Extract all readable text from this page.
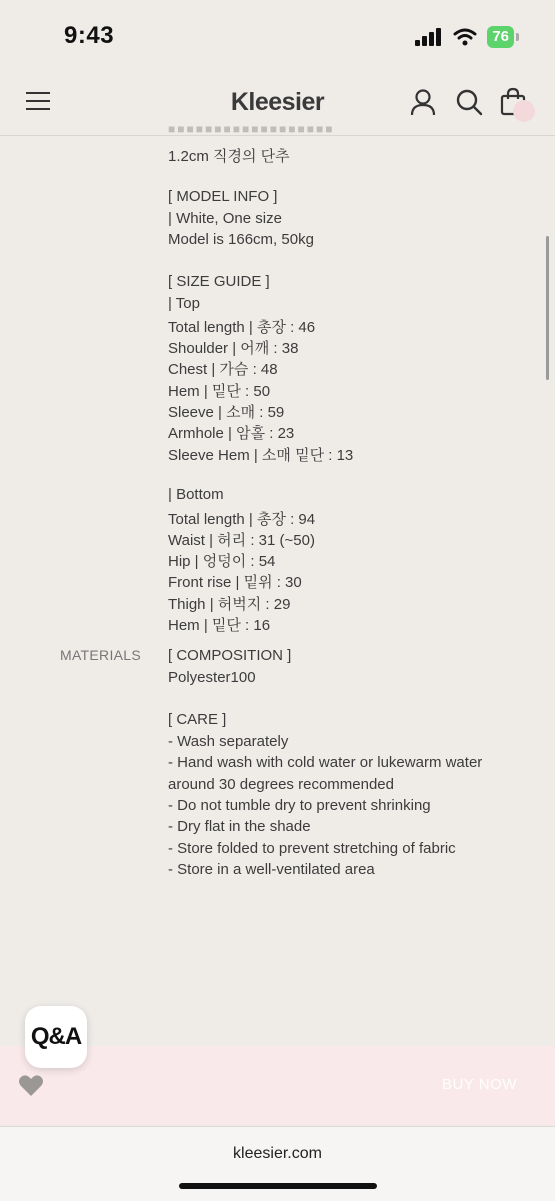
9:43	76
Kleesier
■■■■■■■■■■■■■■■■■■
1.2cm 직경의 단추
[ MODEL INFO ]
| White, One size
Model is 166cm, 50kg
[ SIZE GUIDE ]
| Top
Total length | 총장 : 46
Shoulder | 어깨 : 38
Chest | 가슴 : 48
Hem | 밑단 : 50
Sleeve | 소매 : 59
Armhole | 암홀 : 23
Sleeve Hem | 소매 밑단 : 13
| Bottom
Total length | 총장 : 94
Waist | 허리 : 31 (~50)
Hip | 엉덩이 : 54
Front rise | 밑위 : 30
Thigh | 허벅지 : 29
Hem | 밑단 : 16
MATERIALS [ COMPOSITION ]
Polyester100
[ CARE ]
- Wash separately
- Hand wash with cold water or lukewarm water
around 30 degrees recommended
- Do not tumble dry to prevent shrinking
- Dry flat in the shade
- Store folded to prevent stretching of fabric
- Store in a well-ventilated area
Q&A
BUY NOW
kleesier.com
